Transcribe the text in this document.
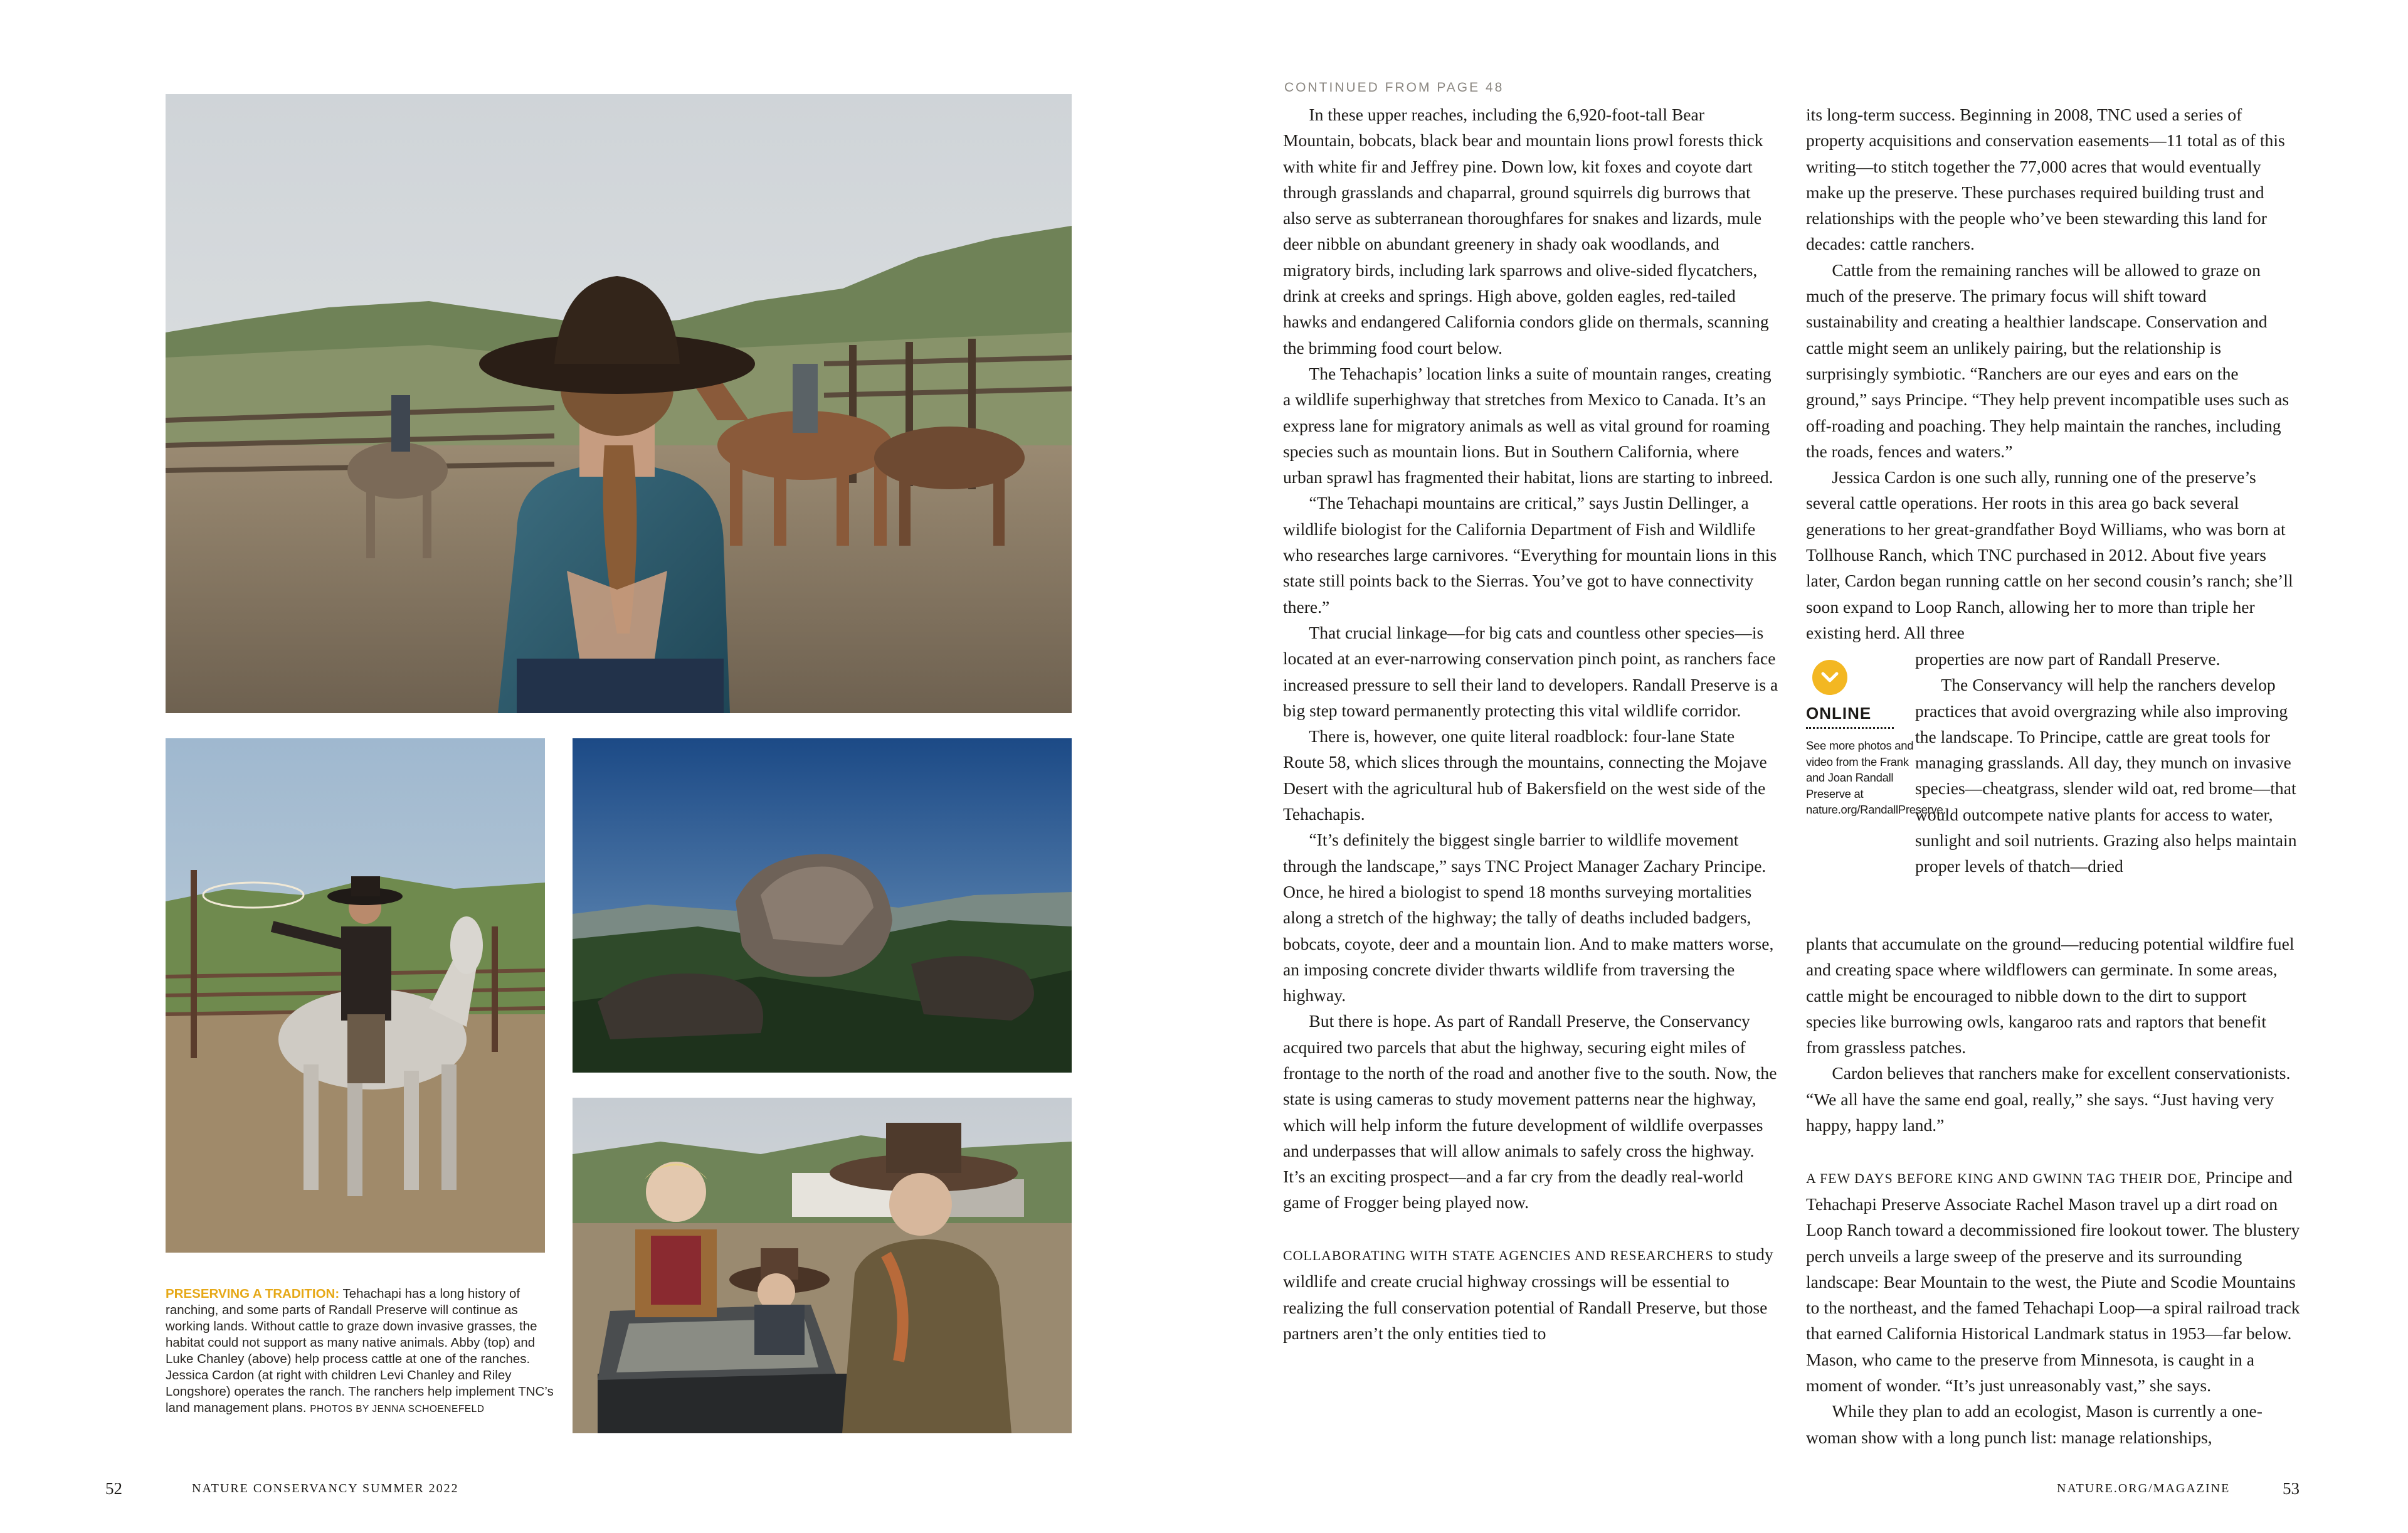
PRESERVING A TRADITION: Tehachapi has a long history of ranching, and some parts of Randall Preserve will continue as working lands. Without cattle to graze down invasive grasses, the habitat could not support as many native animals. Abby (top) and Luke Chanley (above) help process cattle at one of the ranches. Jessica Cardon (at right with children Levi Chanley and Riley Longshore) operates the ranch. The ranchers help implement TNC’s land management plans. PHOTOS BY JENNA SCHOENEFELD
52	NATURE CONSERVANCY SUMMER 2022
CONTINUED FROM PAGE 48

In these upper reaches, including the 6,920-foot-tall Bear Mountain, bobcats, black bear and mountain lions prowl forests thick with white fir and Jeffrey pine. Down low, kit foxes and coyote dart through grasslands and chaparral, ground squirrels dig burrows that also serve as subterranean thoroughfares for snakes and lizards, mule deer nibble on abundant greenery in shady oak woodlands, and migratory birds, including lark sparrows and olive-sided flycatchers, drink at creeks and springs. High above, golden eagles, red-tailed hawks and endangered California condors glide on thermals, scanning the brimming food court below.

The Tehachapis’ location links a suite of mountain ranges, creating a wildlife superhighway that stretches from Mexico to Canada. It’s an express lane for migratory animals as well as vital ground for roaming species such as mountain lions. But in Southern California, where urban sprawl has fragmented their habitat, lions are starting to inbreed.

“The Tehachapi mountains are critical,” says Justin Dellinger, a wildlife biologist for the California Department of Fish and Wildlife who researches large carnivores. “Everything for mountain lions in this state still points back to the Sierras. You’ve got to have connectivity there.”

That crucial linkage—for big cats and countless other species—is located at an ever-narrowing conservation pinch point, as ranchers face increased pressure to sell their land to developers. Randall Preserve is a big step toward permanently protecting this vital wildlife corridor.

There is, however, one quite literal roadblock: four-lane State Route 58, which slices through the mountains, connecting the Mojave Desert with the agricultural hub of Bakersfield on the west side of the Tehachapis.

“It’s definitely the biggest single barrier to wildlife movement through the landscape,” says TNC Project Manager Zachary Principe. Once, he hired a biologist to spend 18 months surveying mortalities along a stretch of the highway; the tally of deaths included badgers, bobcats, coyote, deer and a mountain lion. And to make matters worse, an imposing concrete divider thwarts wildlife from traversing the highway.

But there is hope. As part of Randall Preserve, the Conservancy acquired two parcels that abut the highway, securing eight miles of frontage to the north of the road and another five to the south. Now, the state is using cameras to study movement patterns near the highway, which will help inform the future development of wildlife overpasses and underpasses that will allow animals to safely cross the highway. It’s an exciting prospect—and a far cry from the deadly real-world game of Frogger being played now.

COLLABORATING WITH STATE AGENCIES AND RESEARCHERS to study wildlife and create crucial highway crossings will be essential to realizing the full conservation potential of Randall Preserve, but those partners aren’t the only entities tied to

its long-term success. Beginning in 2008, TNC used a series of property acquisitions and conservation easements—11 total as of this writing—to stitch together the 77,000 acres that would eventually make up the preserve. These purchases required building trust and relationships with the people who’ve been stewarding this land for decades: cattle ranchers.

Cattle from the remaining ranches will be allowed to graze on much of the preserve. The primary focus will shift toward sustainability and creating a healthier landscape. Conservation and cattle might seem an unlikely pairing, but the relationship is surprisingly symbiotic. “Ranchers are our eyes and ears on the ground,” says Principe. “They help prevent incompatible uses such as off-roading and poaching. They help maintain the ranches, including the roads, fences and waters.”

Jessica Cardon is one such ally, running one of the preserve’s several cattle operations. Her roots in this area go back several generations to her great-grandfather Boyd Williams, who was born at Tollhouse Ranch, which TNC purchased in 2012. About five years later, Cardon began running cattle on her second cousin’s ranch; she’ll soon expand to Loop Ranch, allowing her to more than triple her existing herd. All three

ONLINE
See more photos and video from the Frank and Joan Randall Preserve at nature.org/RandallPreserve.

properties are now part of Randall Preserve.

The Conservancy will help the ranchers develop practices that avoid overgrazing while also improving the landscape. To Principe, cattle are great tools for managing grasslands. All day, they munch on invasive species—cheatgrass, slender wild oat, red brome—that would outcompete native plants for access to water, sunlight and soil nutrients. Grazing also helps maintain proper levels of thatch—dried

plants that accumulate on the ground—reducing potential wildfire fuel and creating space where wildflowers can germinate. In some areas, cattle might be encouraged to nibble down to the dirt to support species like burrowing owls, kangaroo rats and raptors that benefit from grassless patches.

Cardon believes that ranchers make for excellent conservationists. “We all have the same end goal, really,” she says. “Just having very happy, happy land.”

A FEW DAYS BEFORE KING AND GWINN TAG THEIR DOE, Principe and Tehachapi Preserve Associate Rachel Mason travel up a dirt road on Loop Ranch toward a decommissioned fire lookout tower. The blustery perch unveils a large sweep of the preserve and its surrounding landscape: Bear Mountain to the west, the Piute and Scodie Mountains to the northeast, and the famed Tehachapi Loop—a spiral railroad track that earned California Historical Landmark status in 1953—far below. Mason, who came to the preserve from Minnesota, is caught in a moment of wonder. “It’s just unreasonably vast,” she says.

While they plan to add an ecologist, Mason is currently a one-woman show with a long punch list: manage relationships,

NATURE.ORG/MAGAZINE	53
